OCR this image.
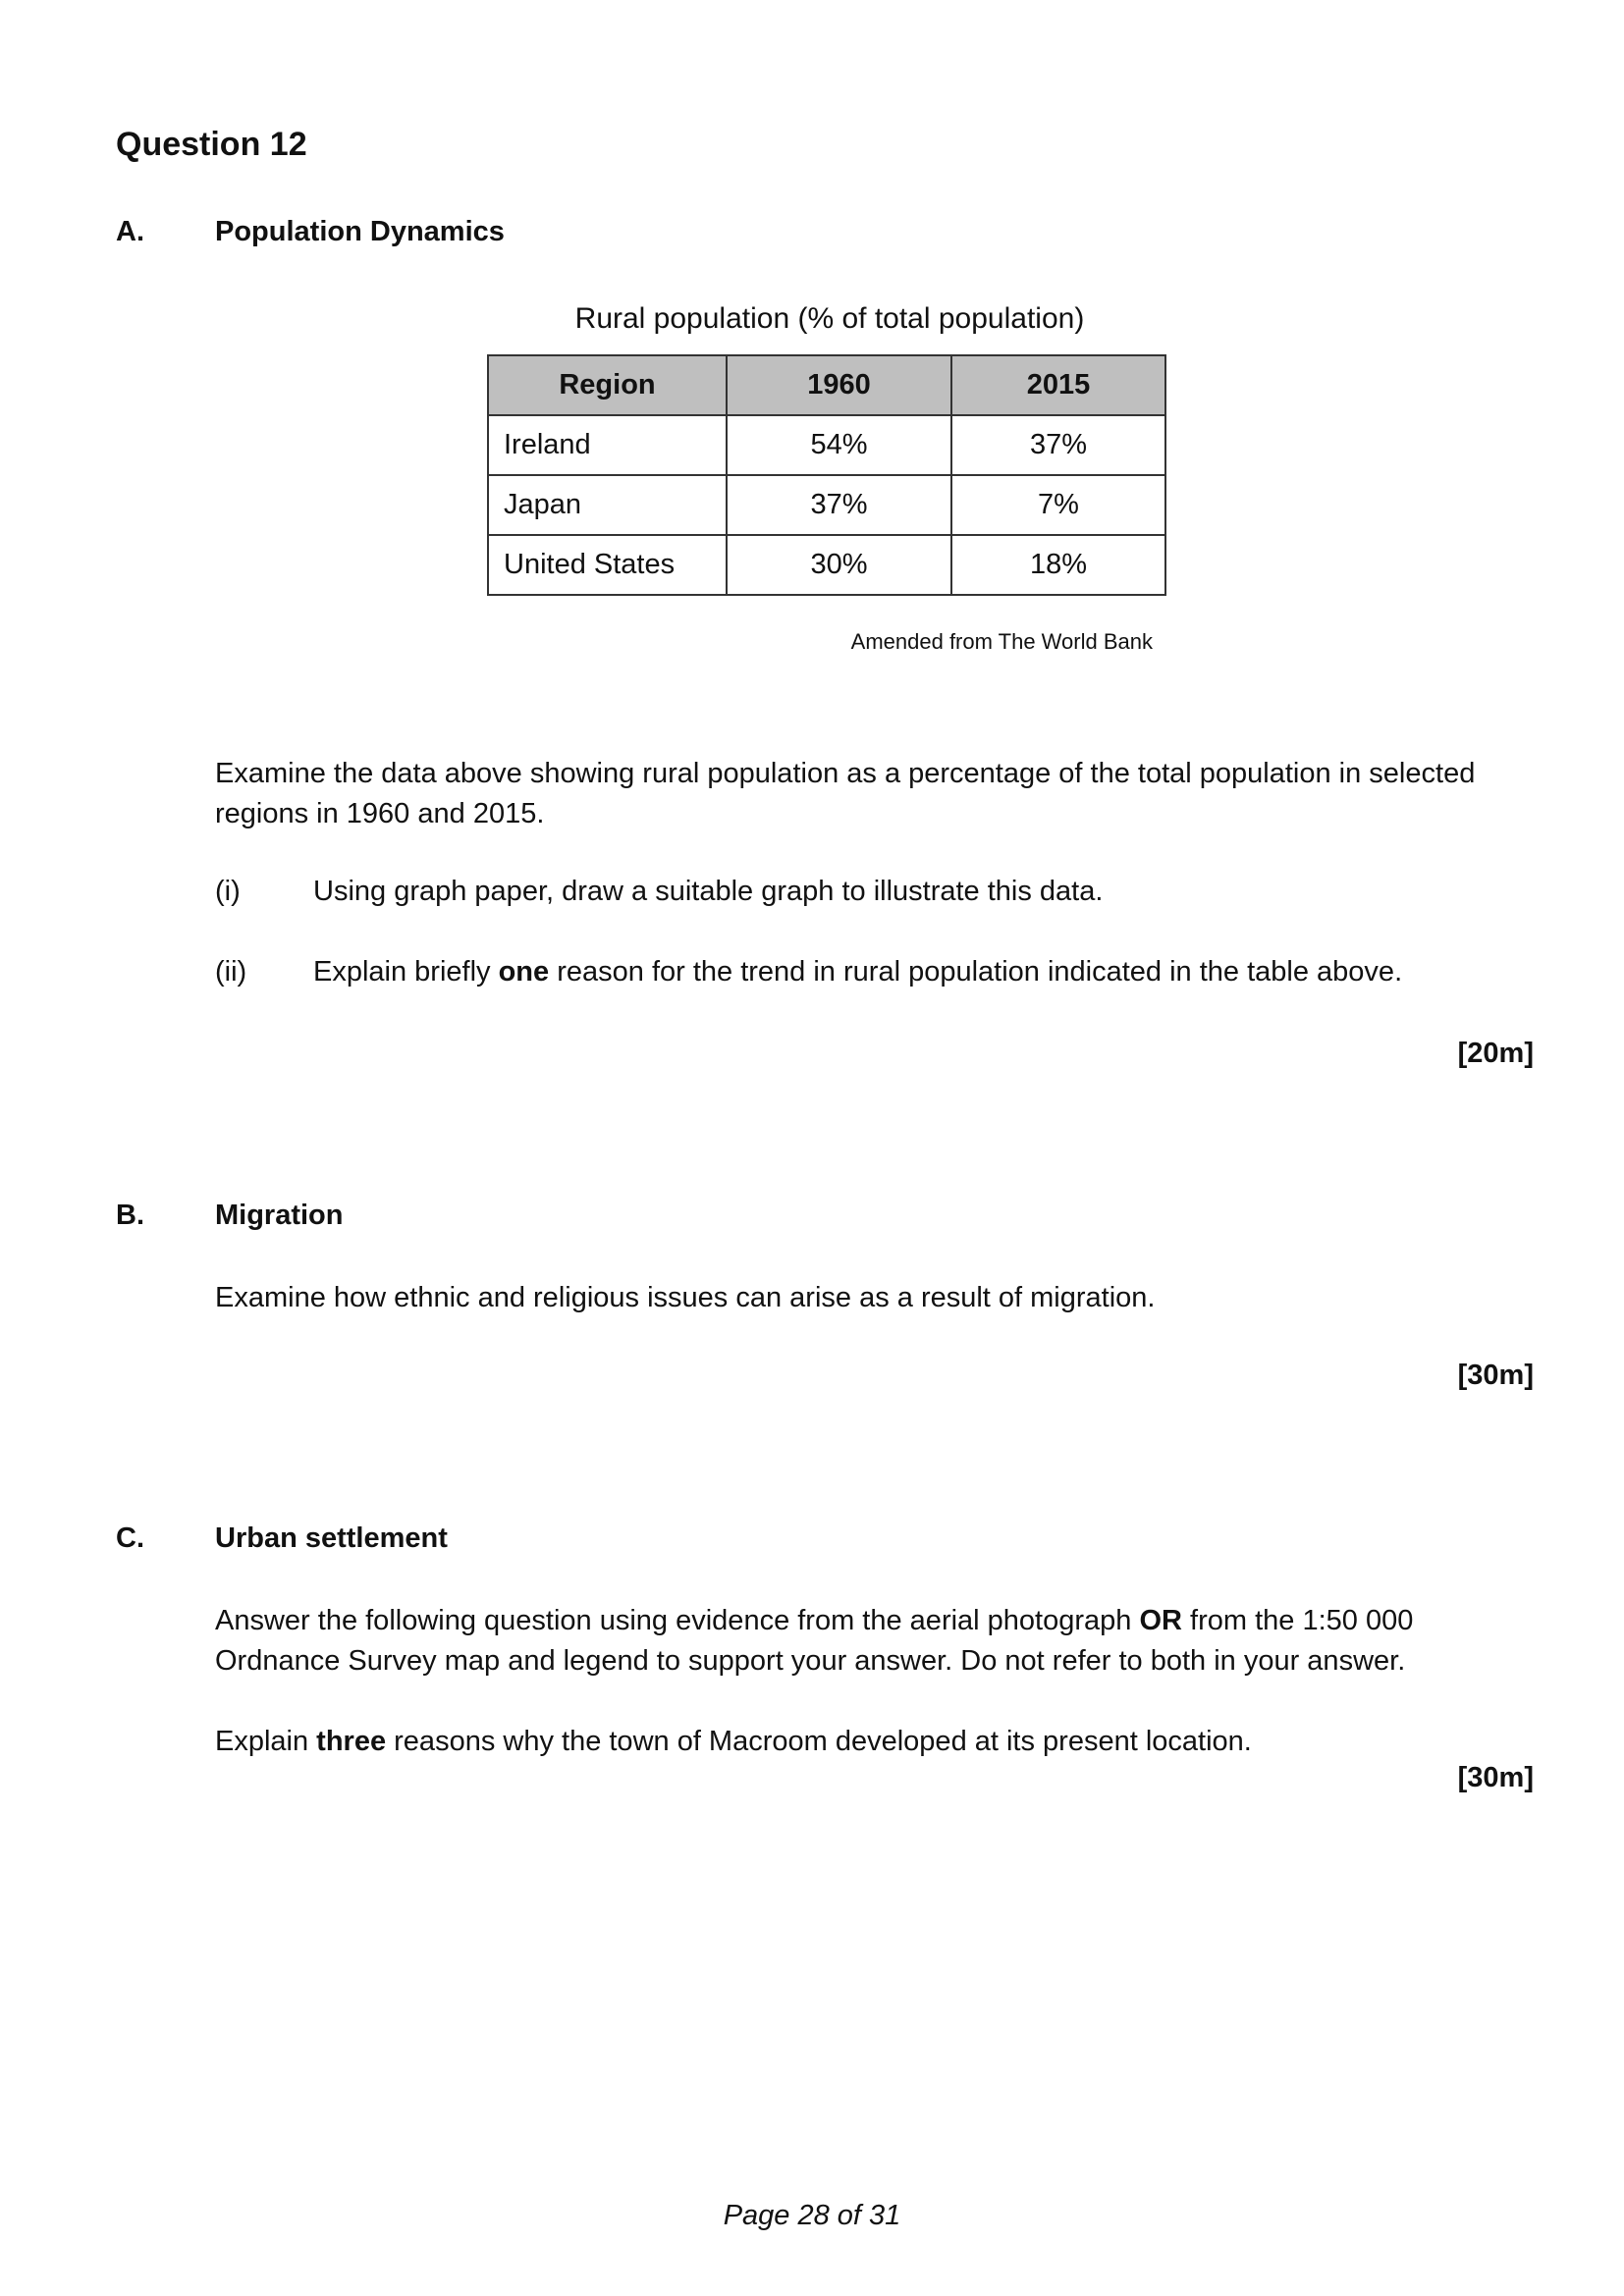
Question 12
A. Population Dynamics
Rural population (% of total population)
Region	1960	2015
Ireland	54%	37%
Japan	37%	7%
United States	30%	18%
Amended from The World Bank
Examine the data above showing rural population as a percentage of the total population in selected regions in 1960 and 2015.
(i)	Using graph paper, draw a suitable graph to illustrate this data.
(ii) Explain briefly one reason for the trend in rural population indicated in the table above.
[20m]
B. Migration
Examine how ethnic and religious issues can arise as a result of migration.
[30m]
C. Urban settlement
Answer the following question using evidence from the aerial photograph OR from the 1:50 000 Ordnance Survey map and legend to support your answer. Do not refer to both in your answer.
Explain three reasons why the town of Macroom developed at its present location.
[30m]
Page 28 of 31
